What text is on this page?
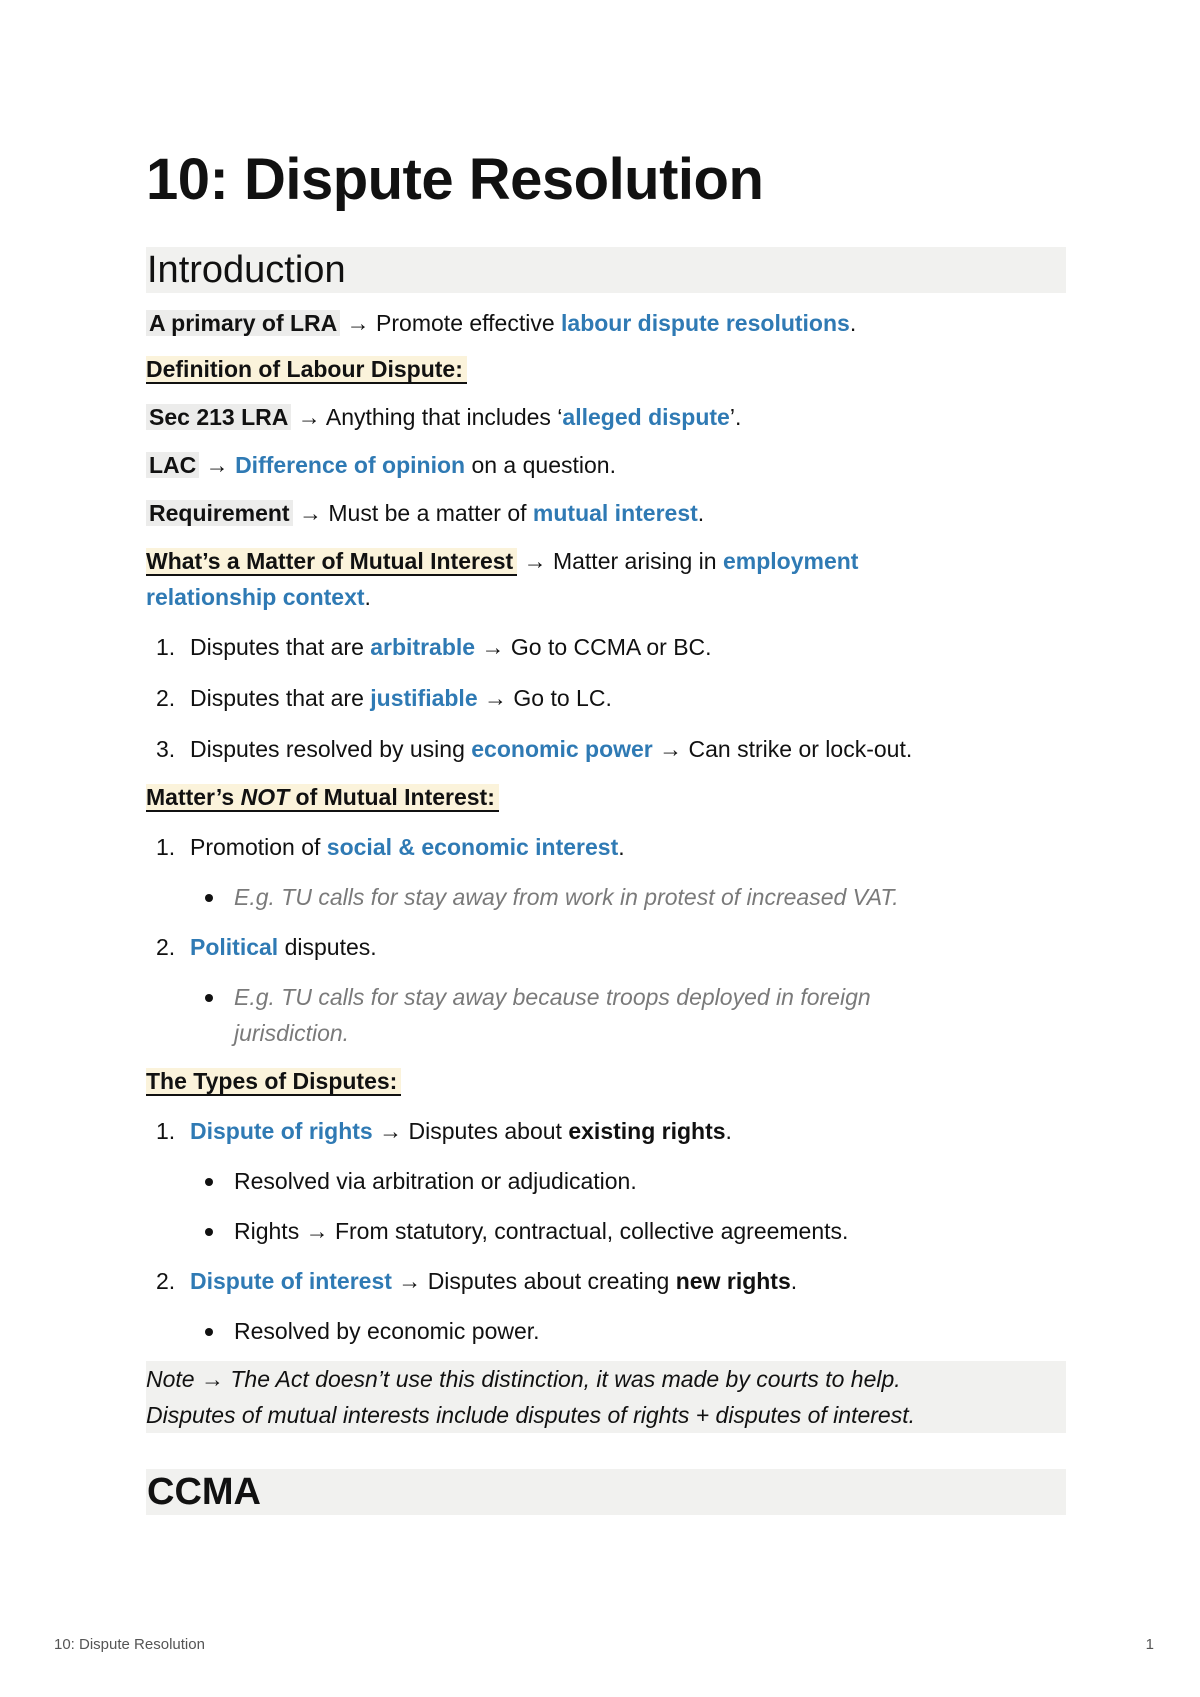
10: Dispute Resolution
Introduction

A primary of LRA → Promote effective labour dispute resolutions.

Definition of Labour Dispute:

Sec 213 LRA → Anything that includes ‘alleged dispute’.

LAC → Difference of opinion on a question.

Requirement → Must be a matter of mutual interest.

What’s a Matter of Mutual Interest → Matter arising in employment
relationship context.

1. Disputes that are arbitrable → Go to CCMA or BC.

2. Disputes that are justifiable → Go to LC.

3. Disputes resolved by using economic power → Can strike or lock-out.

Matter’s NOT of Mutual Interest:

1. Promotion of social & economic interest.

E.g. TU calls for stay away from work in protest of increased VAT.

2. Political disputes.

E.g. TU calls for stay away because troops deployed in foreign
jurisdiction.

The Types of Disputes:

1. Dispute of rights → Disputes about existing rights.

Resolved via arbitration or adjudication.

Rights → From statutory, contractual, collective agreements.

2. Dispute of interest → Disputes about creating new rights.

Resolved by economic power.

Note → The Act doesn’t use this distinction, it was made by courts to help.
Disputes of mutual interests include disputes of rights + disputes of interest.
CCMA
10: Dispute Resolution	1
